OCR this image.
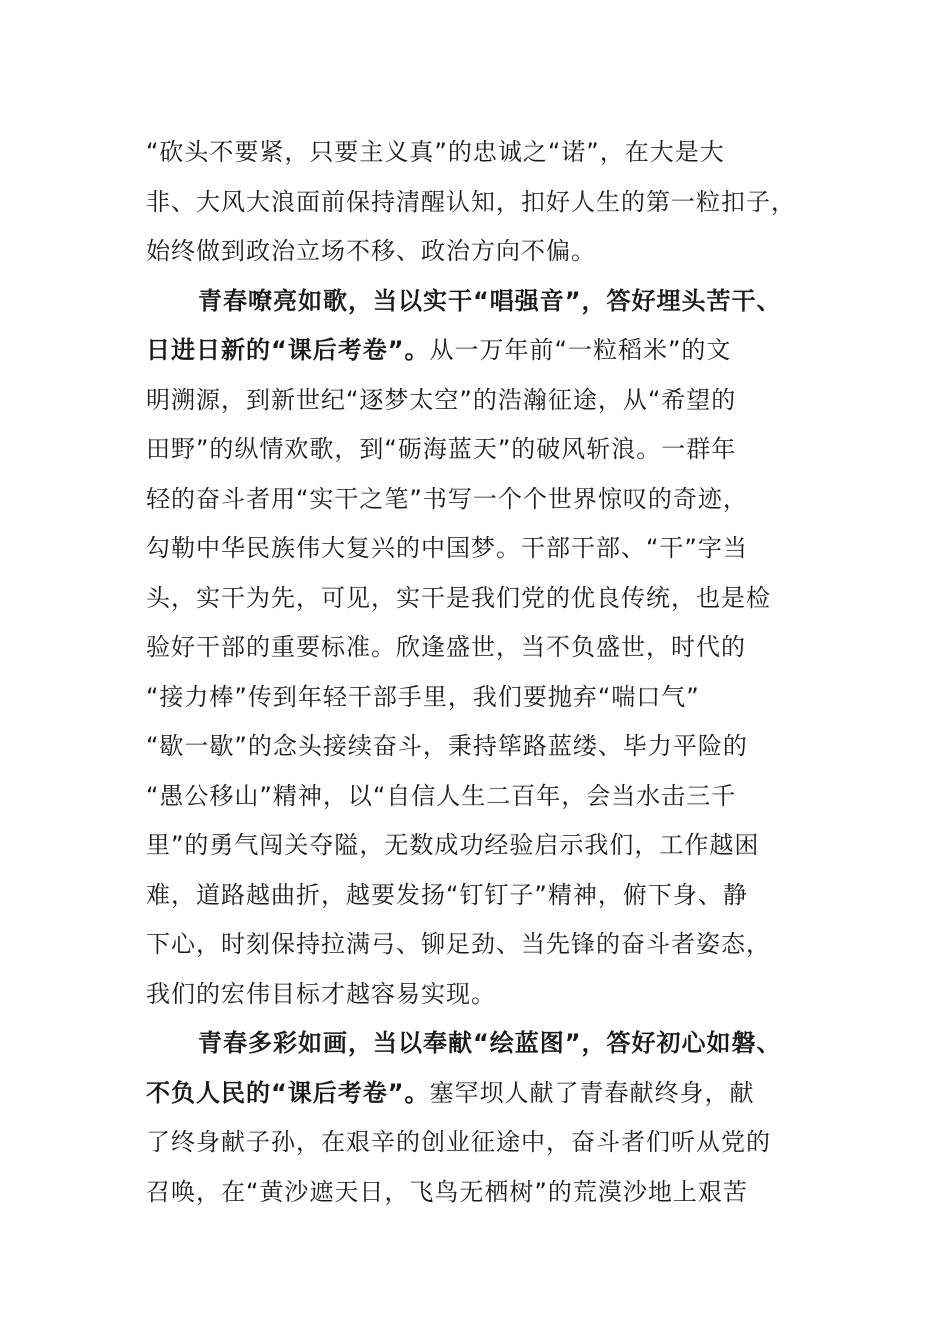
“砍头不要紧，只要主义真”的忠诚之“诺”，在大是大
非、大风大浪面前保持清醒认知，扣好人生的第一粒扣子，
始终做到政治立场不移、政治方向不偏。
青春嘹亮如歌，当以实干“唱强音”，答好埋头苦干、
日进日新的“课后考卷”。从一万年前“一粒稻米”的文
明溯源，到新世纪“逐梦太空”的浩瀚征途，从“希望的
田野”的纵情欢歌，到“砺海蓝天”的破风斩浪。一群年
轻的奋斗者用“实干之笔”书写一个个世界惊叹的奇迹，
勾勒中华民族伟大复兴的中国梦。干部干部、“干”字当
头，实干为先，可见，实干是我们党的优良传统，也是检
验好干部的重要标准。欣逢盛世，当不负盛世，时代的
“接力棒”传到年轻干部手里，我们要抛弃“喘口气”
“歇一歇”的念头接续奋斗，秉持筚路蓝缕、毕力平险的
“愚公移山”精神，以“自信人生二百年，会当水击三千
里”的勇气闯关夺隘，无数成功经验启示我们，工作越困
难，道路越曲折，越要发扬“钉钉子”精神，俯下身、静
下心，时刻保持拉满弓、铆足劲、当先锋的奋斗者姿态，
我们的宏伟目标才越容易实现。
青春多彩如画，当以奉献“绘蓝图”，答好初心如磐、
不负人民的“课后考卷”。塞罕坝人献了青春献终身，献
了终身献子孙，在艰辛的创业征途中，奋斗者们听从党的
召唤，在“黄沙遮天日，飞鸟无栖树”的荒漠沙地上艰苦
